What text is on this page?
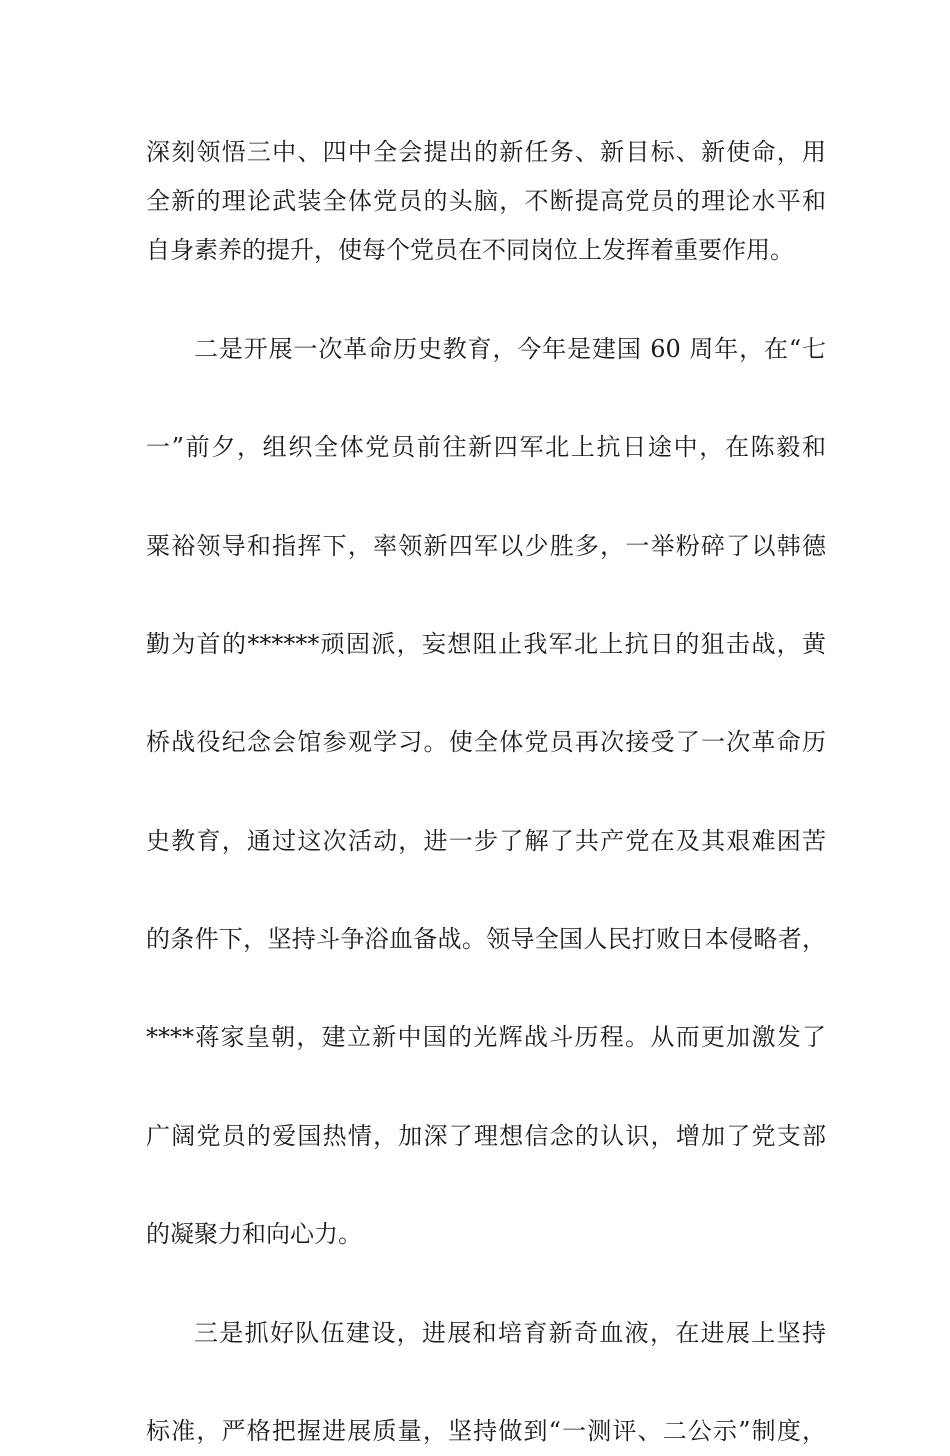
深刻领悟三中、四中全会提出的新任务、新目标、新使命，用
全新的理论武装全体党员的头脑，不断提高党员的理论水平和
自身素养的提升，使每个党员在不同岗位上发挥着重要作用。
二是开展一次革命历史教育，今年是建国 60 周年，在“七
一”前夕，组织全体党员前往新四军北上抗日途中，在陈毅和
粟裕领导和指挥下，率领新四军以少胜多，一举粉碎了以韩德
勤为首的******顽固派，妄想阻止我军北上抗日的狙击战，黄
桥战役纪念会馆参观学习。使全体党员再次接受了一次革命历
史教育，通过这次活动，进一步了解了共产党在及其艰难困苦
的条件下，坚持斗争浴血备战。领导全国人民打败日本侵略者，
****蒋家皇朝，建立新中国的光辉战斗历程。从而更加激发了
广阔党员的爱国热情，加深了理想信念的认识，增加了党支部
的凝聚力和向心力。
三是抓好队伍建设，进展和培育新奇血液，在进展上坚持
标准，严格把握进展质量，坚持做到“一测评、二公示”制度，
